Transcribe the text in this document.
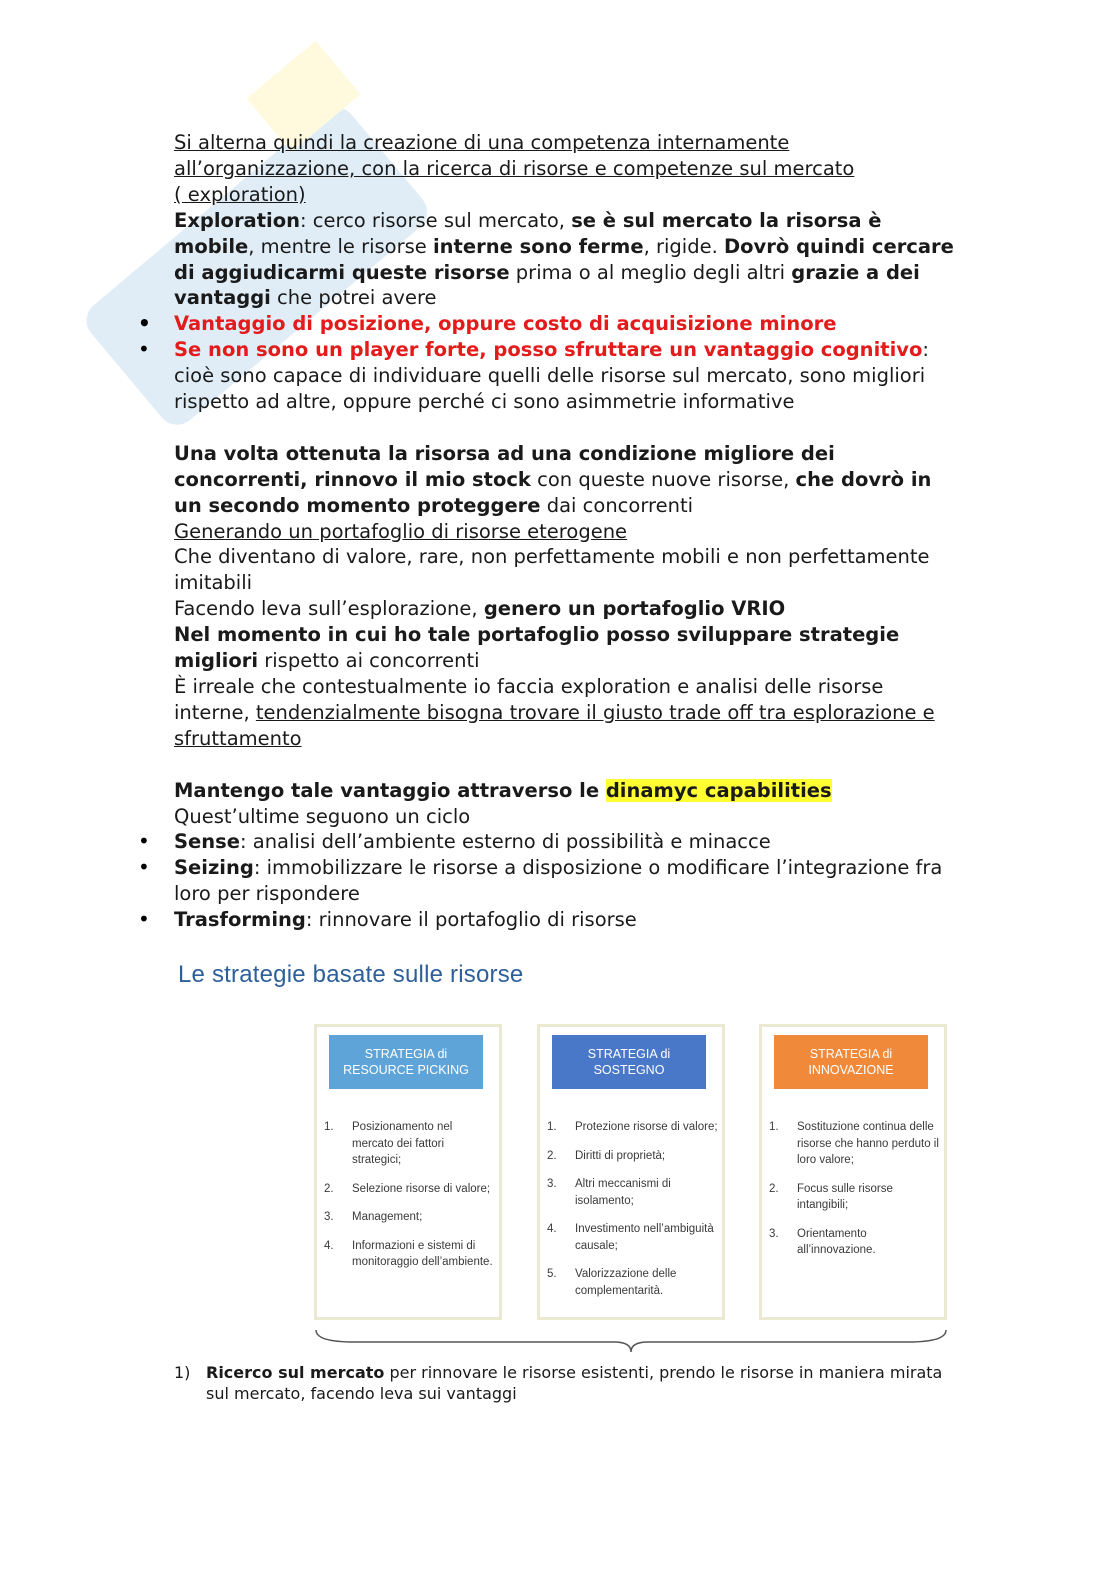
Si alterna quindi la creazione di una competenza internamente
all’organizzazione, con la ricerca di risorse e competenze sul mercato
( exploration)
Exploration: cerco risorse sul mercato, se è sul mercato la risorsa è
mobile, mentre le risorse interne sono ferme, rigide. Dovrò quindi cercare
di aggiudicarmi queste risorse prima o al meglio degli altri grazie a dei
vantaggi che potrei avere
• Vantaggio di posizione, oppure costo di acquisizione minore
• Se non sono un player forte, posso sfruttare un vantaggio cognitivo:
cioè sono capace di individuare quelli delle risorse sul mercato, sono migliori
rispetto ad altre, oppure perché ci sono asimmetrie informative
Una volta ottenuta la risorsa ad una condizione migliore dei
concorrenti, rinnovo il mio stock con queste nuove risorse, che dovrò in
un secondo momento proteggere dai concorrenti
Generando un portafoglio di risorse eterogene
Che diventano di valore, rare, non perfettamente mobili e non perfettamente
imitabili
Facendo leva sull’esplorazione, genero un portafoglio VRIO
Nel momento in cui ho tale portafoglio posso sviluppare strategie
migliori rispetto ai concorrenti
È irreale che contestualmente io faccia exploration e analisi delle risorse
interne, tendenzialmente bisogna trovare il giusto trade off tra esplorazione e
sfruttamento
Mantengo tale vantaggio attraverso le dinamyc capabilities
Quest’ultime seguono un ciclo
• Sense: analisi dell’ambiente esterno di possibilità e minacce
• Seizing: immobilizzare le risorse a disposizione o modificare l’integrazione fra
loro per rispondere
• Trasforming: rinnovare il portafoglio di risorse
Le strategie basate sulle risorse
STRATEGIA di
RESOURCE PICKING
1. Posizionamento nel mercato dei fattori strategici;
2. Selezione risorse di valore;
3. Management;
4. Informazioni e sistemi di monitoraggio dell’ambiente.
STRATEGIA di
SOSTEGNO
1. Protezione risorse di valore;
2. Diritti di proprietà;
3. Altri meccanismi di isolamento;
4. Investimento nell’ambiguità causale;
5. Valorizzazione delle complementarità.
STRATEGIA di
INNOVAZIONE
1. Sostituzione continua delle risorse che hanno perduto il loro valore;
2. Focus sulle risorse intangibili;
3. Orientamento all’innovazione.
1) Ricerco sul mercato per rinnovare le risorse esistenti, prendo le risorse in maniera mirata
sul mercato, facendo leva sui vantaggi
